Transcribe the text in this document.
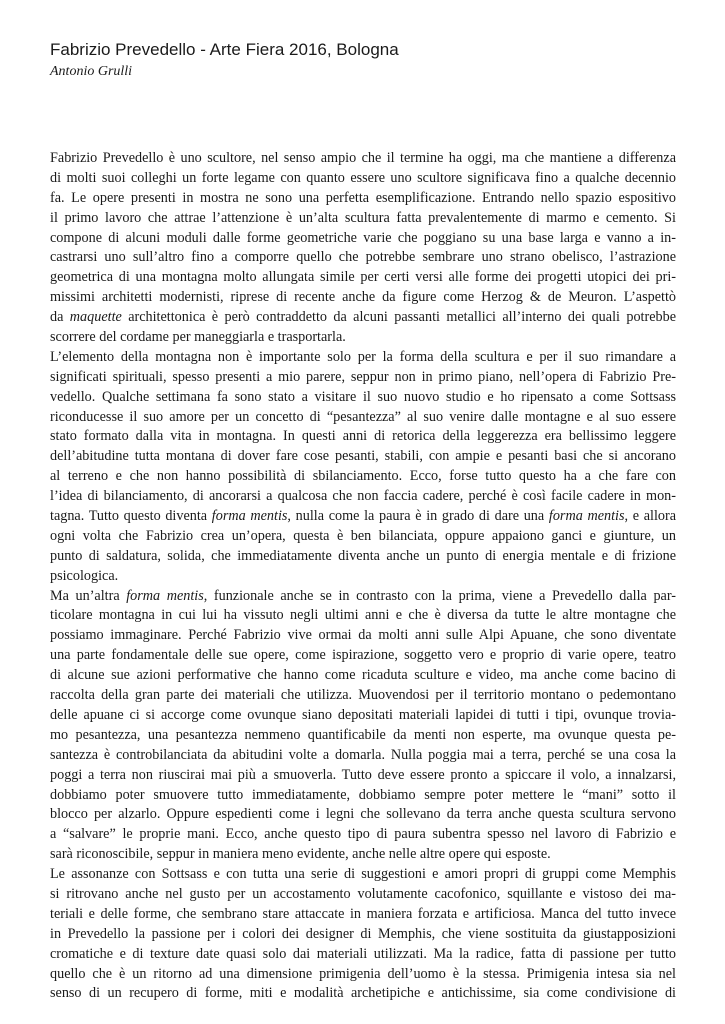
Fabrizio Prevedello - Arte Fiera 2016, Bologna

Antonio Grulli

Fabrizio Prevedello è uno scultore, nel senso ampio che il termine ha oggi, ma che mantiene a differenza
di molti suoi colleghi un forte legame con quanto essere uno scultore significava fino a qualche decennio
fa. Le opere presenti in mostra ne sono una perfetta esemplificazione. Entrando nello spazio espositivo
il primo lavoro che attrae l’attenzione è un’alta scultura fatta prevalentemente di marmo e cemento. Si
compone di alcuni moduli dalle forme geometriche varie che poggiano su una base larga e vanno a in-
castrarsi uno sull’altro fino a comporre quello che potrebbe sembrare uno strano obelisco, l’astrazione
geometrica di una montagna molto allungata simile per certi versi alle forme dei progetti utopici dei pri-
missimi architetti modernisti, riprese di recente anche da figure come Herzog & de Meuron. L’aspettò
da maquette architettonica è però contraddetto da alcuni passanti metallici all’interno dei quali potrebbe
scorrere del cordame per maneggiarla e trasportarla.
L’elemento della montagna non è importante solo per la forma della scultura e per il suo rimandare a
significati spirituali, spesso presenti a mio parere, seppur non in primo piano, nell’opera di Fabrizio Pre-
vedello. Qualche settimana fa sono stato a visitare il suo nuovo studio e ho ripensato a come Sottsass
riconducesse il suo amore per un concetto di “pesantezza” al suo venire dalle montagne e al suo essere
stato formato dalla vita in montagna. In questi anni di retorica della leggerezza era bellissimo leggere
dell’abitudine tutta montana di dover fare cose pesanti, stabili, con ampie e pesanti basi che si ancorano
al terreno e che non hanno possibilità di sbilanciamento. Ecco, forse tutto questo ha a che fare con
l’idea di bilanciamento, di ancorarsi a qualcosa che non faccia cadere, perché è così facile cadere in mon-
tagna. Tutto questo diventa forma mentis, nulla come la paura è in grado di dare una forma mentis, e allora
ogni volta che Fabrizio crea un’opera, questa è ben bilanciata, oppure appaiono ganci e giunture, un
punto di saldatura, solida, che immediatamente diventa anche un punto di energia mentale e di frizione
psicologica.
Ma un’altra forma mentis, funzionale anche se in contrasto con la prima, viene a Prevedello dalla par-
ticolare montagna in cui lui ha vissuto negli ultimi anni e che è diversa da tutte le altre montagne che
possiamo immaginare. Perché Fabrizio vive ormai da molti anni sulle Alpi Apuane, che sono diventate
una parte fondamentale delle sue opere, come ispirazione, soggetto vero e proprio di varie opere, teatro
di alcune sue azioni performative che hanno come ricaduta sculture e video, ma anche come bacino di
raccolta della gran parte dei materiali che utilizza. Muovendosi per il territorio montano o pedemontano
delle apuane ci si accorge come ovunque siano depositati materiali lapidei di tutti i tipi, ovunque troviа-
mo pesantezza, una pesantezza nemmeno quantificabile da menti non esperte, ma ovunque questa pe-
santezza è controbilanciata da abitudini volte a domarla. Nulla poggia mai a terra, perché se una cosa la
poggi a terra non riuscirai mai più a smuoverla. Tutto deve essere pronto a spiccare il volo, a innalzarsi,
dobbiamo poter smuovere tutto immediatamente, dobbiamo sempre poter mettere le “mani” sotto il
blocco per alzarlo. Oppure espedienti come i legni che sollevano da terra anche questa scultura servono
a “salvare” le proprie mani. Ecco, anche questo tipo di paura subentra spesso nel lavoro di Fabrizio e
sarà riconoscibile, seppur in maniera meno evidente, anche nelle altre opere qui esposte.
Le assonanze con Sottsass e con tutta una serie di suggestioni e amori propri di gruppi come Memphis
si ritrovano anche nel gusto per un accostamento volutamente cacofonico, squillante e vistoso dei ma-
teriali e delle forme, che sembrano stare attaccate in maniera forzata e artificiosa. Manca del tutto invece
in Prevedello la passione per i colori dei designer di Memphis, che viene sostituita da giustapposizioni
cromatiche e di texture date quasi solo dai materiali utilizzati. Ma la radice, fatta di passione per tutto
quello che è un ritorno ad una dimensione primigenia dell’uomo è la stessa. Primigenia intesa sia nel
senso di un recupero di forme, miti e modalità archetipiche e antichissime, sia come condivisione di
